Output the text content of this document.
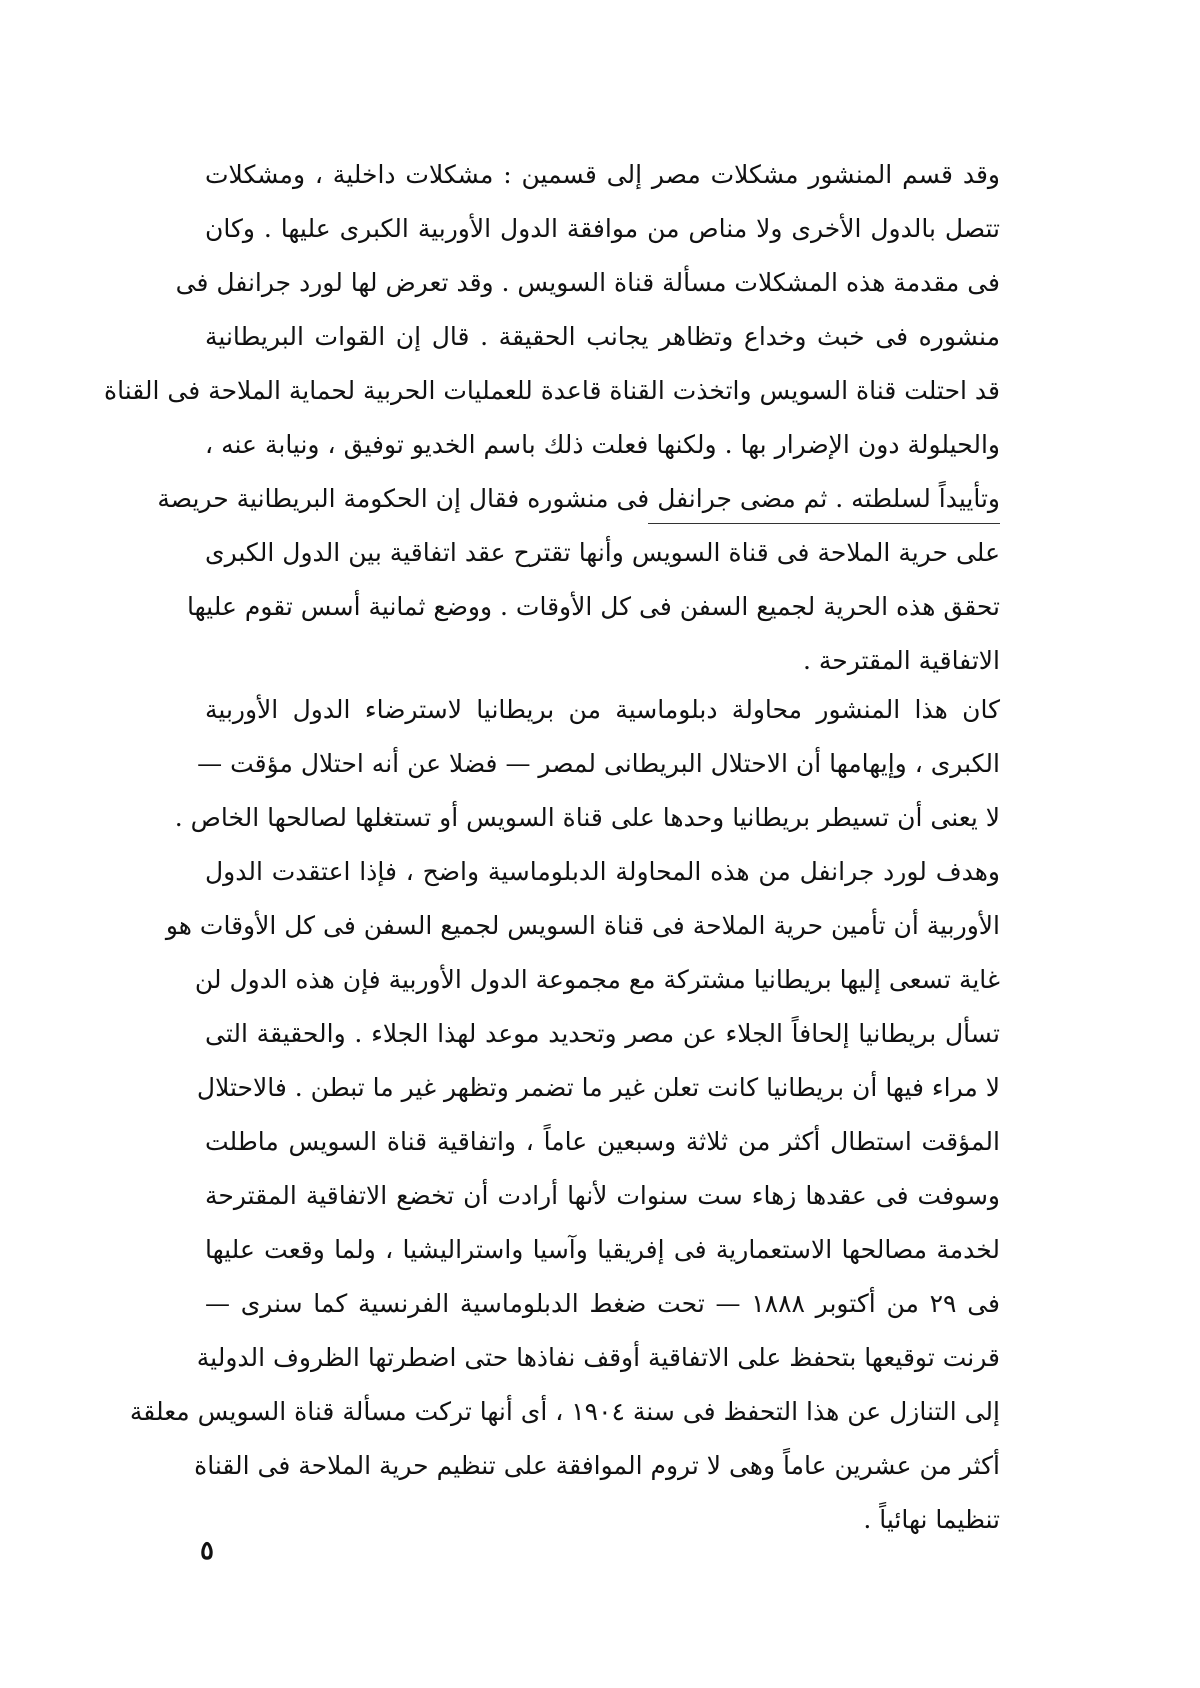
وقد قسم المنشور مشكلات مصر إلى قسمين : مشكلات داخلية ، ومشكلات
تتصل بالدول الأخرى ولا مناص من موافقة الدول الأوربية الكبرى عليها . وكان
فى مقدمة هذه المشكلات مسألة قناة السويس . وقد تعرض لها لورد جرانفل فى
منشوره فى خبث وخداع وتظاهر يجانب الحقيقة . قال إن القوات البريطانية
قد احتلت قناة السويس واتخذت القناة قاعدة للعمليات الحربية لحماية الملاحة فى القناة
والحيلولة دون الإضرار بها . ولكنها فعلت ذلك باسم الخديو توفيق ، ونيابة عنه ،
وتأييداً لسلطته . ثم مضى جرانفل فى منشوره فقال إن الحكومة البريطانية حريصة
على حرية الملاحة فى قناة السويس وأنها تقترح عقد اتفاقية بين الدول الكبرى
تحقق هذه الحرية لجميع السفن فى كل الأوقات . ووضع ثمانية أسس تقوم عليها
الاتفاقية المقترحة .
كان هذا المنشور محاولة دبلوماسية من بريطانيا لاسترضاء الدول الأوربية
الكبرى ، وإيهامها أن الاحتلال البريطانى لمصر — فضلا عن أنه احتلال مؤقت —
لا يعنى أن تسيطر بريطانيا وحدها على قناة السويس أو تستغلها لصالحها الخاص .
وهدف لورد جرانفل من هذه المحاولة الدبلوماسية واضح ، فإذا اعتقدت الدول
الأوربية أن تأمين حرية الملاحة فى قناة السويس لجميع السفن فى كل الأوقات هو
غاية تسعى إليها بريطانيا مشتركة مع مجموعة الدول الأوربية فإن هذه الدول لن
تسأل بريطانيا إلحافاً الجلاء عن مصر وتحديد موعد لهذا الجلاء . والحقيقة التى
لا مراء فيها أن بريطانيا كانت تعلن غير ما تضمر وتظهر غير ما تبطن . فالاحتلال
المؤقت استطال أكثر من ثلاثة وسبعين عاماً ، واتفاقية قناة السويس ماطلت
وسوفت فى عقدها زهاء ست سنوات لأنها أرادت أن تخضع الاتفاقية المقترحة
لخدمة مصالحها الاستعمارية فى إفريقيا وآسيا واستراليشيا ، ولما وقعت عليها
فى ٢٩ من أكتوبر ١٨٨٨ — تحت ضغط الدبلوماسية الفرنسية كما سنرى —
قرنت توقيعها بتحفظ على الاتفاقية أوقف نفاذها حتى اضطرتها الظروف الدولية
إلى التنازل عن هذا التحفظ فى سنة ١٩٠٤ ، أى أنها تركت مسألة قناة السويس معلقة
أكثر من عشرين عاماً وهى لا تروم الموافقة على تنظيم حرية الملاحة فى القناة
تنظيما نهائياً .
٥
